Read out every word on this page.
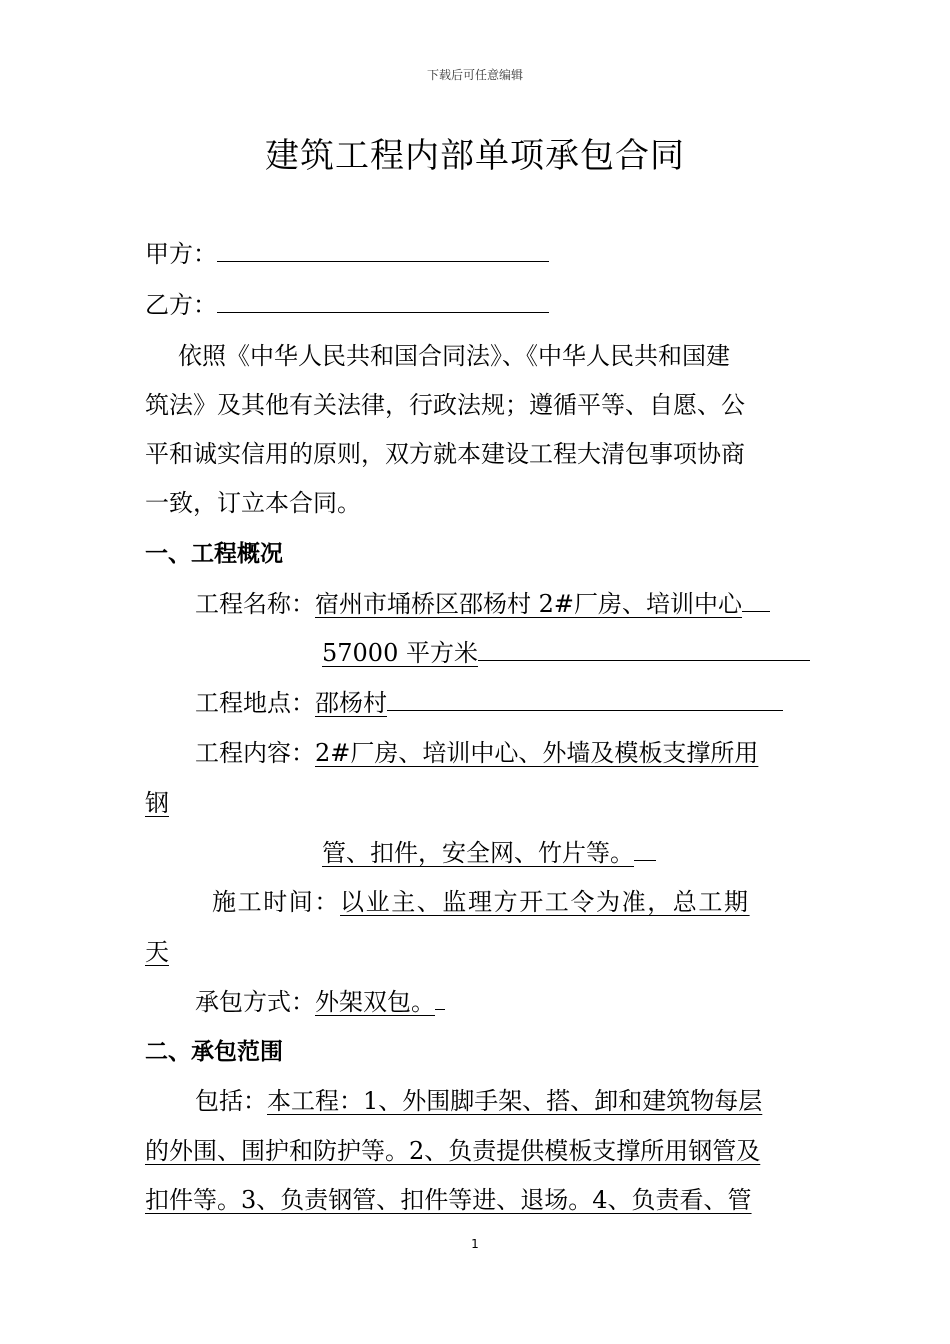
下载后可任意编辑
建筑工程内部单项承包合同
甲方：
乙方：
依照《中华人民共和国合同法》、《中华人民共和国建
筑法》及其他有关法律，行政法规；遵循平等、自愿、公
平和诚实信用的原则，双方就本建设工程大清包事项协商
一致，订立本合同。
一、工程概况
工程名称：宿州市埇桥区邵杨村 2#厂房、培训中心
57000 平方米
工程地点：邵杨村
工程内容：2#厂房、培训中心、外墙及模板支撑所用
钢
管、扣件，安全网、竹片等。
施工时间：以业主、监理方开工令为准，总工期
天
承包方式：外架双包。
二、承包范围
包括：本工程：1、外围脚手架、搭、卸和建筑物每层
的外围、围护和防护等。2、负责提供模板支撑所用钢管及
扣件等。3、负责钢管、扣件等进、退场。4、负责看、管
1
